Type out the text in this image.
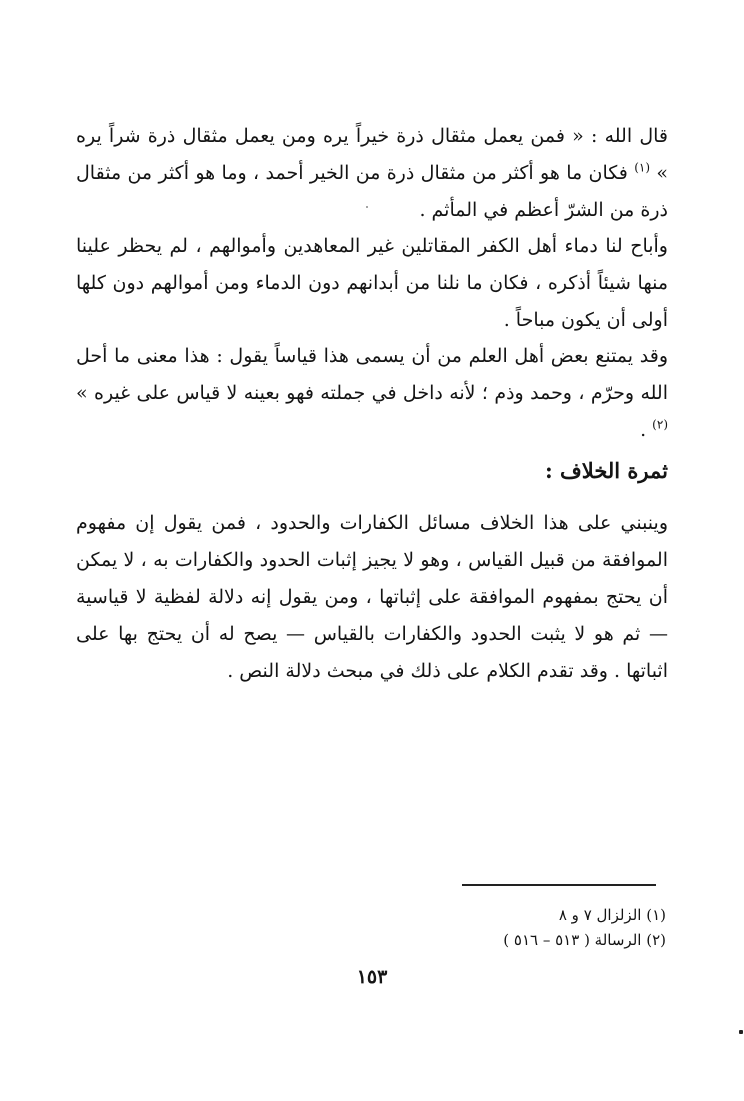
قال الله : « فمن يعمل مثقال ذرة خيراً يره ومن يعمل مثقال ذرة شراً يره » $^{(١)}$ فكان ما هو أكثر من مثقال ذرة من الخير أحمد ، وما هو أكثر من مثقال ذرة من الشرّ أعظم في المأثم .

وأباح لنا دماء أهل الكفر المقاتلين غير المعاهدين وأموالهم ، لم يحظر علينا منها شيئاً أذكره ، فكان ما نلنا من أبدانهم دون الدماء ومن أموالهم دون كلها أولى أن يكون مباحاً .

وقد يمتنع بعض أهل العلم من أن يسمى هذا قياساً يقول : هذا معنى ما أحل الله وحرّم ، وحمد وذم ؛ لأنه داخل في جملته فهو بعينه لا قياس على غيره » $^{(٢)}$ .

ثمرة الخلاف :

وينبني على هذا الخلاف مسائل الكفارات والحدود ، فمن يقول إن مفهوم الموافقة من قبيل القياس ، وهو لا يجيز إثبات الحدود والكفارات به ، لا يمكن أن يحتج بمفهوم الموافقة على إثباتها ، ومن يقول إنه دلالة لفظية لا قياسية — ثم هو لا يثبت الحدود والكفارات بالقياس — يصح له أن يحتج بها على اثباتها . وقد تقدم الكلام على ذلك في مبحث دلالة النص .

(١) الزلزال ٧ و ٨
(٢) الرسالة ( ٥١٣ – ٥١٦ )
١٥٣
